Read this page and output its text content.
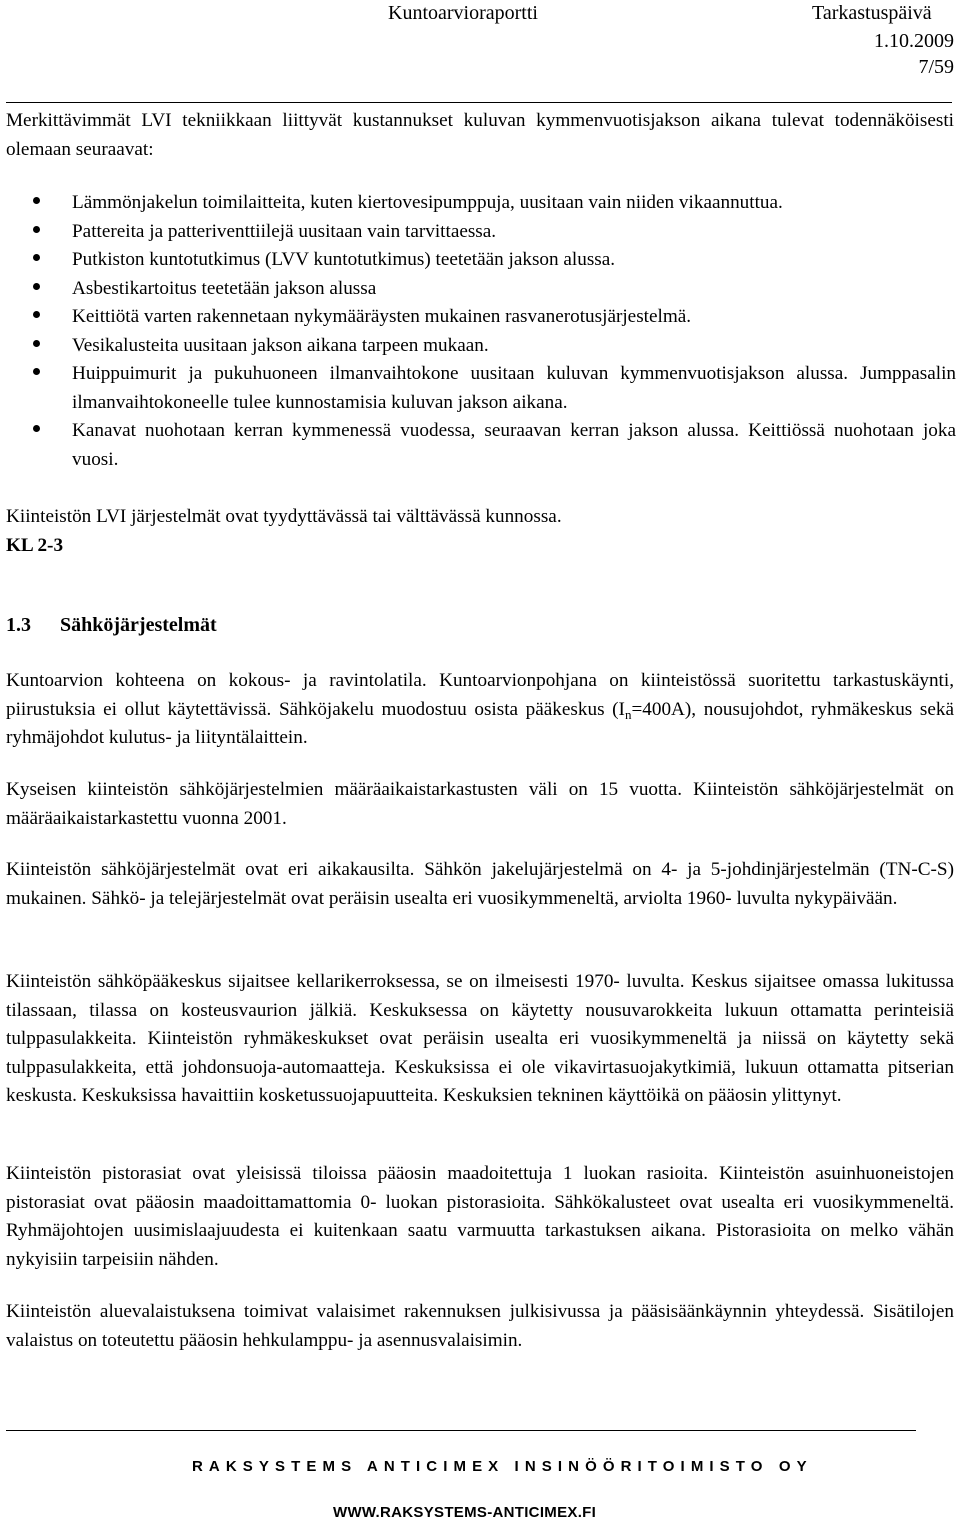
Kuntoarvioraportti	Tarkastuspäivä
1.10.2009
7/59
Merkittävimmät LVI tekniikkaan liittyvät kustannukset kuluvan kymmenvuotisjakson aikana tulevat todennäköisesti olemaan seuraavat:
Lämmönjakelun toimilaitteita, kuten kiertovesipumppuja, uusitaan vain niiden vikaannuttua.
Pattereita ja patteriventtiilejä uusitaan vain tarvittaessa.
Putkiston kuntotutkimus (LVV kuntotutkimus) teetetään jakson alussa.
Asbestikartoitus teetetään jakson alussa
Keittiötä varten rakennetaan nykymääräysten mukainen rasvanerotusjärjestelmä.
Vesikalusteita uusitaan jakson aikana tarpeen mukaan.
Huippuimurit ja pukuhuoneen ilmanvaihtokone uusitaan kuluvan kymmenvuotisjakson alussa. Jumppasalin ilmanvaihtokoneelle tulee kunnostamisia kuluvan jakson aikana.
Kanavat nuohotaan kerran kymmenessä vuodessa, seuraavan kerran jakson alussa. Keittiössä nuohotaan joka vuosi.
Kiinteistön LVI järjestelmät ovat tyydyttävässä tai välttävässä kunnossa.
KL 2-3
1.3 Sähköjärjestelmät
Kuntoarvion kohteena on kokous- ja ravintolatila. Kuntoarvionpohjana on kiinteistössä suoritettu tarkastuskäynti, piirustuksia ei ollut käytettävissä. Sähköjakelu muodostuu osista pääkeskus $(I_n=400A)$, nousujohdot, ryhmäkeskus sekä ryhmäjohdot kulutus- ja liityntälaittein.
Kyseisen kiinteistön sähköjärjestelmien määräaikaistarkastusten väli on 15 vuotta. Kiinteistön sähköjärjestelmät on määräaikaistarkastettu vuonna 2001.
Kiinteistön sähköjärjestelmät ovat eri aikakausilta. Sähkön jakelujärjestelmä on 4- ja 5-johdinjärjestelmän (TN-C-S) mukainen. Sähkö- ja telejärjestelmät ovat peräisin usealta eri vuosikymmeneltä, arviolta 1960- luvulta nykypäivään.
Kiinteistön sähköpääkeskus sijaitsee kellarikerroksessa, se on ilmeisesti 1970- luvulta. Keskus sijaitsee omassa lukitussa tilassaan, tilassa on kosteusvaurion jälkiä. Keskuksessa on käytetty nousuvarokkeita lukuun ottamatta perinteisiä tulppasulakkeita. Kiinteistön ryhmäkeskukset ovat peräisin usealta eri vuosikymmeneltä ja niissä on käytetty sekä tulppasulakkeita, että johdonsuoja-automaatteja. Keskuksissa ei ole vikavirtasuojakytkimiä, lukuun ottamatta pitserian keskusta. Keskuksissa havaittiin kosketussuojapuutteita. Keskuksien tekninen käyttöikä on pääosin ylittynyt.
Kiinteistön pistorasiat ovat yleisissä tiloissa pääosin maadoitettuja 1 luokan rasioita. Kiinteistön asuinhuoneistojen pistorasiat ovat pääosin maadoittamattomia 0- luokan pistorasioita. Sähkökalusteet ovat usealta eri vuosikymmeneltä. Ryhmäjohtojen uusimislaajuudesta ei kuitenkaan saatu varmuutta tarkastuksen aikana. Pistorasioita on melko vähän nykyisiin tarpeisiin nähden.
Kiinteistön aluevalaistuksena toimivat valaisimet rakennuksen julkisivussa ja pääsisäänkäynnin yhteydessä. Sisätilojen valaistus on toteutettu pääosin hehkulamppu- ja asennusvalaisimin.
RAKSYSTEMS ANTICIMEX INSINÖÖRITOIMISTO OY
WWW.RAKSYSTEMS-ANTICIMEX.FI
